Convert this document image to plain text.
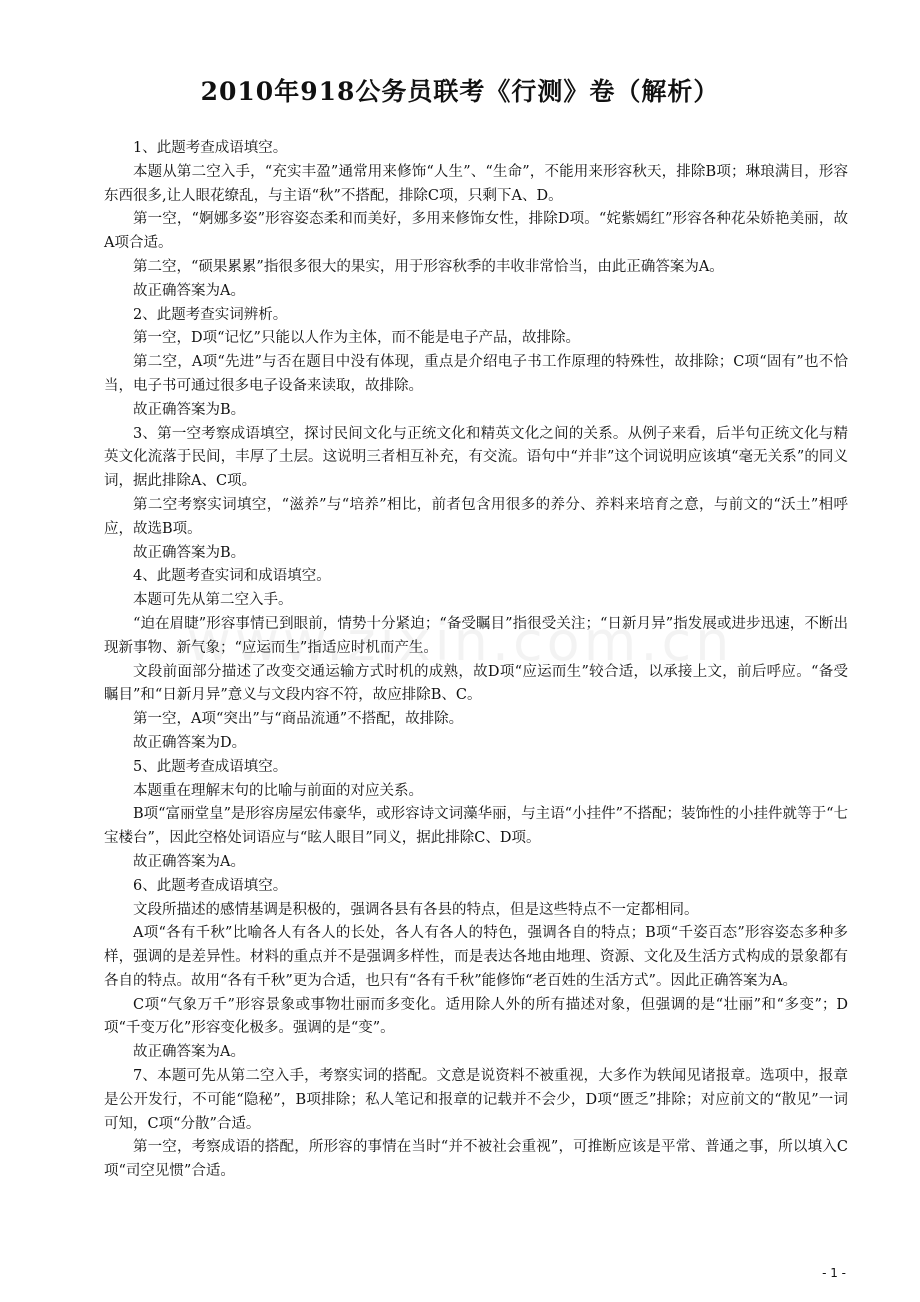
2010年918公务员联考《行测》卷（解析）

1、此题考查成语填空。

本题从第二空入手，“充实丰盈”通常用来修饰“人生”、“生命”，不能用来形容秋天，排除B项；琳琅满目，形容东西很多,让人眼花缭乱，与主语“秋”不搭配，排除C项，只剩下A、D。

第一空，“婀娜多姿”形容姿态柔和而美好，多用来修饰女性，排除D项。“姹紫嫣红”形容各种花朵娇艳美丽，故A项合适。

第二空，“硕果累累”指很多很大的果实，用于形容秋季的丰收非常恰当，由此正确答案为A。

故正确答案为A。

2、此题考查实词辨析。

第一空，D项“记忆”只能以人作为主体，而不能是电子产品，故排除。

第二空，A项“先进”与否在题目中没有体现，重点是介绍电子书工作原理的特殊性，故排除；C项“固有”也不恰当，电子书可通过很多电子设备来读取，故排除。

故正确答案为B。

3、第一空考察成语填空，探讨民间文化与正统文化和精英文化之间的关系。从例子来看，后半句正统文化与精英文化流落于民间，丰厚了土层。这说明三者相互补充，有交流。语句中“并非”这个词说明应该填“毫无关系”的同义词，据此排除A、C项。

第二空考察实词填空，“滋养”与“培养”相比，前者包含用很多的养分、养料来培育之意，与前文的“沃土”相呼应，故选B项。

故正确答案为B。

4、此题考查实词和成语填空。

本题可先从第二空入手。

“迫在眉睫”形容事情已到眼前，情势十分紧迫；“备受瞩目”指很受关注；“日新月异”指发展或进步迅速，不断出现新事物、新气象；“应运而生”指适应时机而产生。

文段前面部分描述了改变交通运输方式时机的成熟，故D项“应运而生”较合适，以承接上文，前后呼应。“备受瞩目”和“日新月异”意义与文段内容不符，故应排除B、C。

第一空，A项“突出”与“商品流通”不搭配，故排除。

故正确答案为D。

5、此题考查成语填空。

本题重在理解末句的比喻与前面的对应关系。

B项“富丽堂皇”是形容房屋宏伟豪华，或形容诗文词藻华丽，与主语“小挂件”不搭配；装饰性的小挂件就等于“七宝楼台”，因此空格处词语应与“眩人眼目”同义，据此排除C、D项。

故正确答案为A。

6、此题考查成语填空。

文段所描述的感情基调是积极的，强调各县有各县的特点，但是这些特点不一定都相同。

A项“各有千秋”比喻各人有各人的长处，各人有各人的特色，强调各自的特点；B项“千姿百态”形容姿态多种多样，强调的是差异性。材料的重点并不是强调多样性，而是表达各地由地理、资源、文化及生活方式构成的景象都有各自的特点。故用“各有千秋”更为合适，也只有“各有千秋”能修饰“老百姓的生活方式”。因此正确答案为A。

C项“气象万千”形容景象或事物壮丽而多变化。适用除人外的所有描述对象，但强调的是“壮丽”和“多变”；D项“千变万化”形容变化极多。强调的是“变”。

故正确答案为A。

7、本题可先从第二空入手，考察实词的搭配。文意是说资料不被重视，大多作为轶闻见诸报章。选项中，报章是公开发行，不可能“隐秘”，B项排除；私人笔记和报章的记载并不会少，D项“匮乏”排除；对应前文的“散见”一词可知，C项“分散”合适。

第一空，考察成语的搭配，所形容的事情在当时“并不被社会重视”，可推断应该是平常、普通之事，所以填入C项“司空见惯”合适。

- 1 -
